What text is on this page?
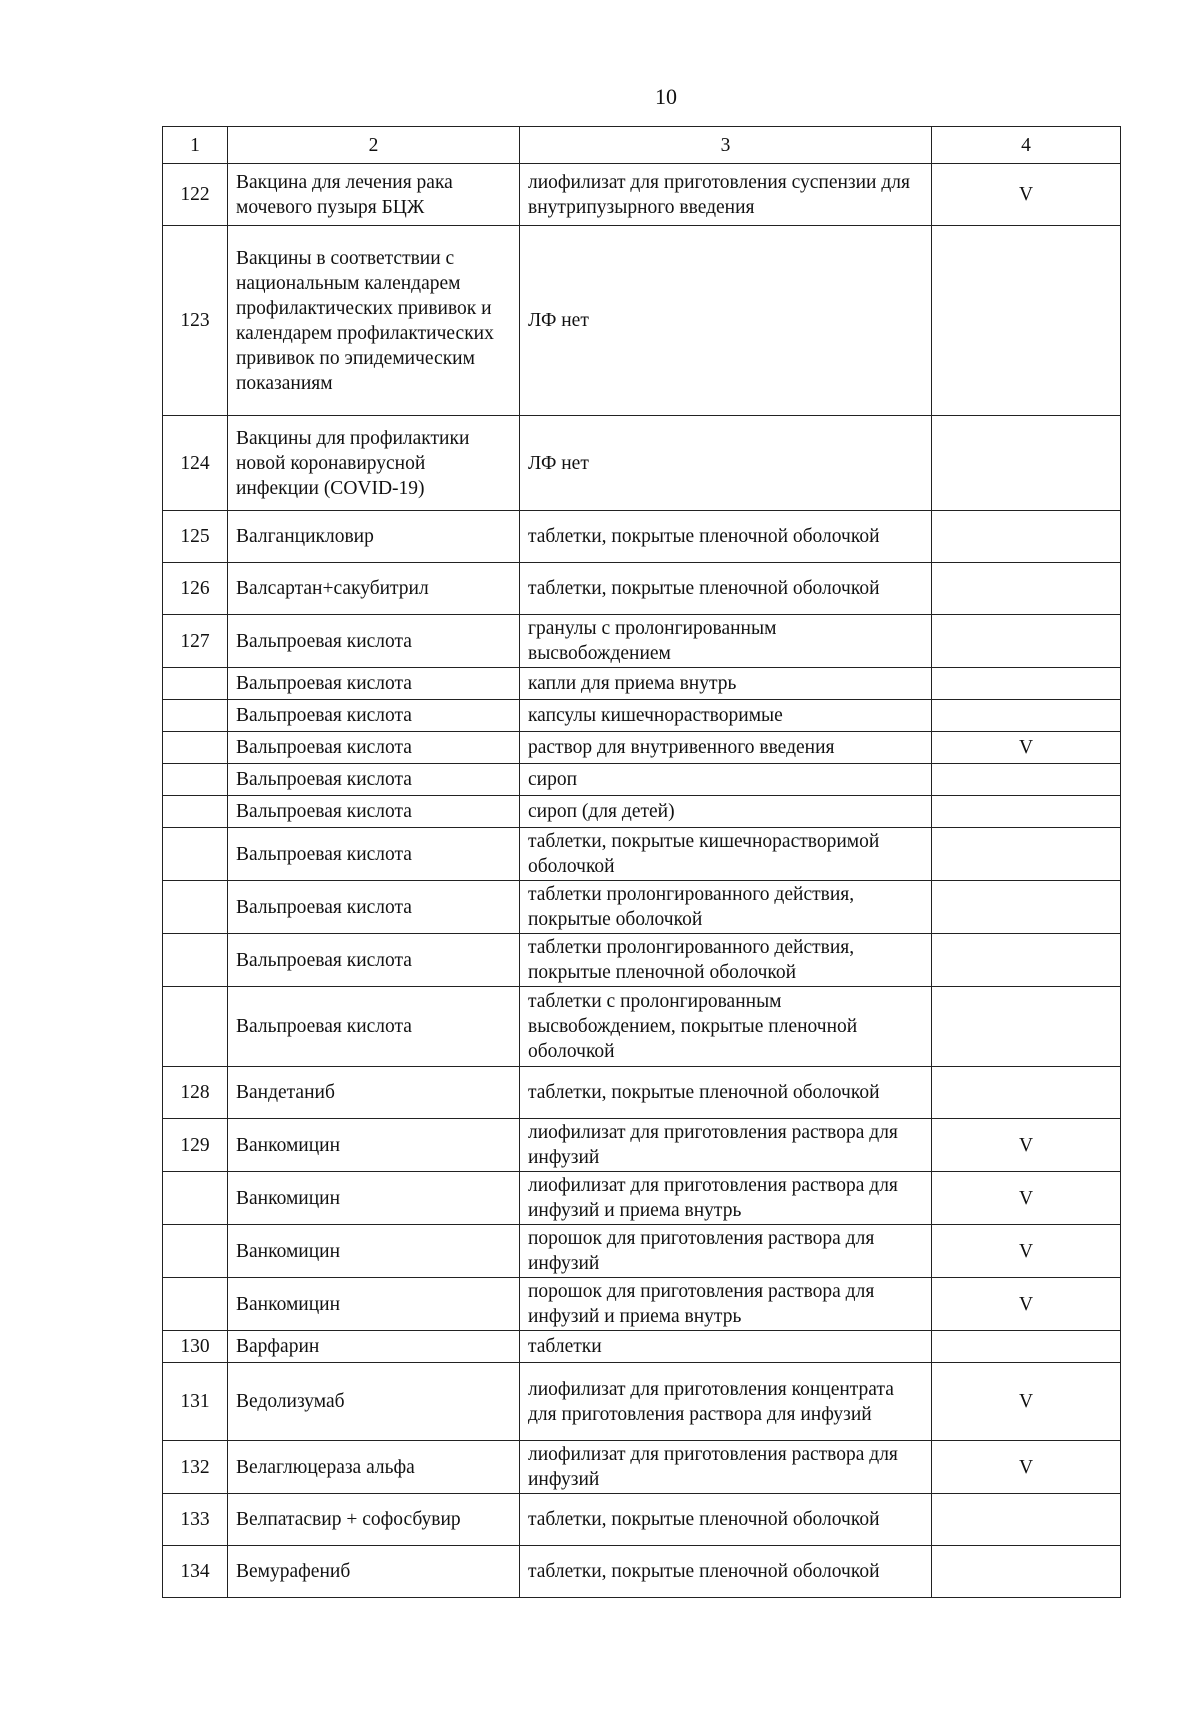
10
1	2	3	4
122	Вакцина для лечения рака мочевого пузыря БЦЖ	лиофилизат для приготовления суспензии для внутрипузырного введения	V
123	Вакцины в соответствии с национальным календарем профилактических прививок и календарем профилактических прививок по эпидемическим показаниям	ЛФ нет	
124	Вакцины для профилактики новой коронавирусной инфекции (COVID-19)	ЛФ нет	
125	Валганцикловир	таблетки, покрытые пленочной оболочкой	
126	Валсартан+сакубитрил	таблетки, покрытые пленочной оболочкой	
127	Вальпроевая кислота	гранулы с пролонгированным высвобождением	
	Вальпроевая кислота	капли для приема внутрь	
	Вальпроевая кислота	капсулы кишечнорастворимые	
	Вальпроевая кислота	раствор для внутривенного введения	V
	Вальпроевая кислота	сироп	
	Вальпроевая кислота	сироп (для детей)	
	Вальпроевая кислота	таблетки, покрытые кишечнорастворимой оболочкой	
	Вальпроевая кислота	таблетки пролонгированного действия, покрытые оболочкой	
	Вальпроевая кислота	таблетки пролонгированного действия, покрытые пленочной оболочкой	
	Вальпроевая кислота	таблетки с пролонгированным высвобождением, покрытые пленочной оболочкой	
128	Вандетаниб	таблетки, покрытые пленочной оболочкой	
129	Ванкомицин	лиофилизат для приготовления раствора для инфузий	V
	Ванкомицин	лиофилизат для приготовления раствора для инфузий и приема внутрь	V
	Ванкомицин	порошок для приготовления раствора для инфузий	V
	Ванкомицин	порошок для приготовления раствора для инфузий и приема внутрь	V
130	Варфарин	таблетки	
131	Ведолизумаб	лиофилизат для приготовления концентрата для приготовления раствора для инфузий	V
132	Велаглюцераза альфа	лиофилизат для приготовления раствора для инфузий	V
133	Велпатасвир + софосбувир	таблетки, покрытые пленочной оболочкой	
134	Вемурафениб	таблетки, покрытые пленочной оболочкой	
